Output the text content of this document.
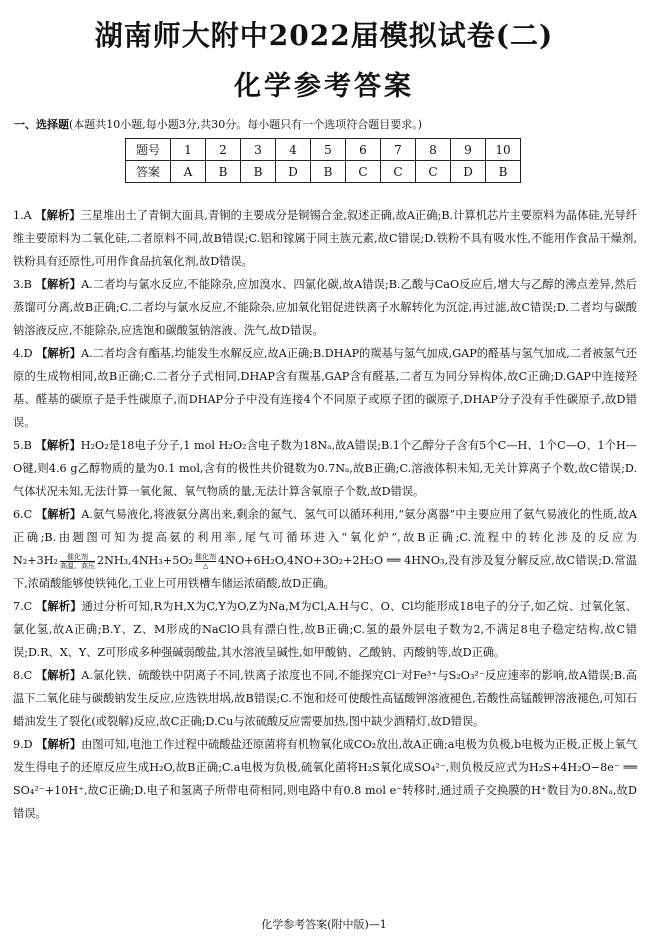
湖南师大附中2022届模拟试卷(二)
化学参考答案
一、选择题(本题共10小题,每小题3分,共30分。每小题只有一个选项符合题目要求。)
题号	1	2	3	4	5	6	7	8	9	10
答案	A	B	B	D	B	C	C	C	D	B

1.A 【解析】三星堆出土了青铜大面具,青铜的主要成分是铜锡合金,叙述正确,故A正确;B.计算机芯片主要原料为晶体硅,光导纤维主要原料为二氧化硅,二者原料不同,故B错误;C.铝和镓属于同主族元素,故C错误;D.铁粉不具有吸水性,不能用作食品干燥剂,铁粉具有还原性,可用作食品抗氧化剂,故D错误。

3.B 【解析】A.二者均与氯水反应,不能除杂,应加溴水、四氯化碳,故A错误;B.乙酸与CaO反应后,增大与乙醇的沸点差异,然后蒸馏可分离,故B正确;C.二者均与氯水反应,不能除杂,应加氧化铝促进铁离子水解转化为沉淀,再过滤,故C错误;D.二者均与碳酸钠溶液反应,不能除杂,应选饱和碳酸氢钠溶液、洗气,故D错误。

4.D 【解析】A.二者均含有酯基,均能发生水解反应,故A正确;B.DHAP的羰基与氢气加成,GAP的醛基与氢气加成,二者被氢气还原的生成物相同,故B正确;C.二者分子式相同,DHAP含有羰基,GAP含有醛基,二者互为同分异构体,故C正确;D.GAP中连接羟基、醛基的碳原子是手性碳原子,而DHAP分子中没有连接4个不同原子或原子团的碳原子,DHAP分子没有手性碳原子,故D错误。

5.B 【解析】H₂O₂是18电子分子,1 mol H₂O₂含电子数为18Nₐ,故A错误;B.1个乙醇分子含有5个C—H、1个C—O、1个H—O键,则4.6 g乙醇物质的量为0.1 mol,含有的极性共价键数为0.7Nₐ,故B正确;C.溶液体积未知,无关计算离子个数,故C错误;D.气体状况未知,无法计算一氧化氮、氧气物质的量,无法计算含氧原子个数,故D错误。

6.C 【解析】A.氨气易液化,将液氨分离出来,剩余的氮气、氢气可以循环利用,“氨分离器”中主要应用了氨气易液化的性质,故A正确;B.由题图可知为提高氨的利用率,尾气可循环进入“氧化炉”,故B正确;C.流程中的转化涉及的反应为 N₂+3H₂ 催化剂
高温、高压 2NH₃,4NH₃+5O₂ 催化剂
△ 4NO+6H₂O,4NO+3O₂+2H₂O ══ 4HNO₃,没有涉及复分解反应,故C错误;D.常温下,浓硝酸能够使铁钝化,工业上可用铁槽车储运浓硝酸,故D正确。

7.C 【解析】通过分析可知,R为H,X为C,Y为O,Z为Na,M为Cl,A.H与C、O、Cl均能形成18电子的分子,如乙烷、过氧化氢、氯化氢,故A正确;B.Y、Z、M形成的NaClO具有漂白性,故B正确;C.氢的最外层电子数为2,不满足8电子稳定结构,故C错误;D.R、X、Y、Z可形成多种强碱弱酸盐,其水溶液呈碱性,如甲酸钠、乙酸钠、丙酸钠等,故D正确。

8.C 【解析】A.氯化铁、硫酸铁中阴离子不同,铁离子浓度也不同,不能探究Cl⁻对Fe³⁺与S₂O₃²⁻反应速率的影响,故A错误;B.高温下二氧化硅与碳酸钠发生反应,应选铁坩埚,故B错误;C.不饱和烃可使酸性高锰酸钾溶液褪色,若酸性高锰酸钾溶液褪色,可知石蜡油发生了裂化(或裂解)反应,故C正确;D.Cu与浓硫酸反应需要加热,图中缺少酒精灯,故D错误。

9.D 【解析】由图可知,电池工作过程中硫酸盐还原菌将有机物氧化成CO₂放出,故A正确;a电极为负极,b电极为正极,正极上氧气发生得电子的还原反应生成H₂O,故B正确;C.a电极为负极,硫氧化菌将H₂S氧化成SO₄²⁻,则负极反应式为H₂S+4H₂O−8e⁻ ══ SO₄²⁻+10H⁺,故C正确;D.电子和氢离子所带电荷相同,则电路中有0.8 mol e⁻转移时,通过质子交换膜的H⁺数目为0.8Nₐ,故D错误。

化学参考答案(附中版)—1
